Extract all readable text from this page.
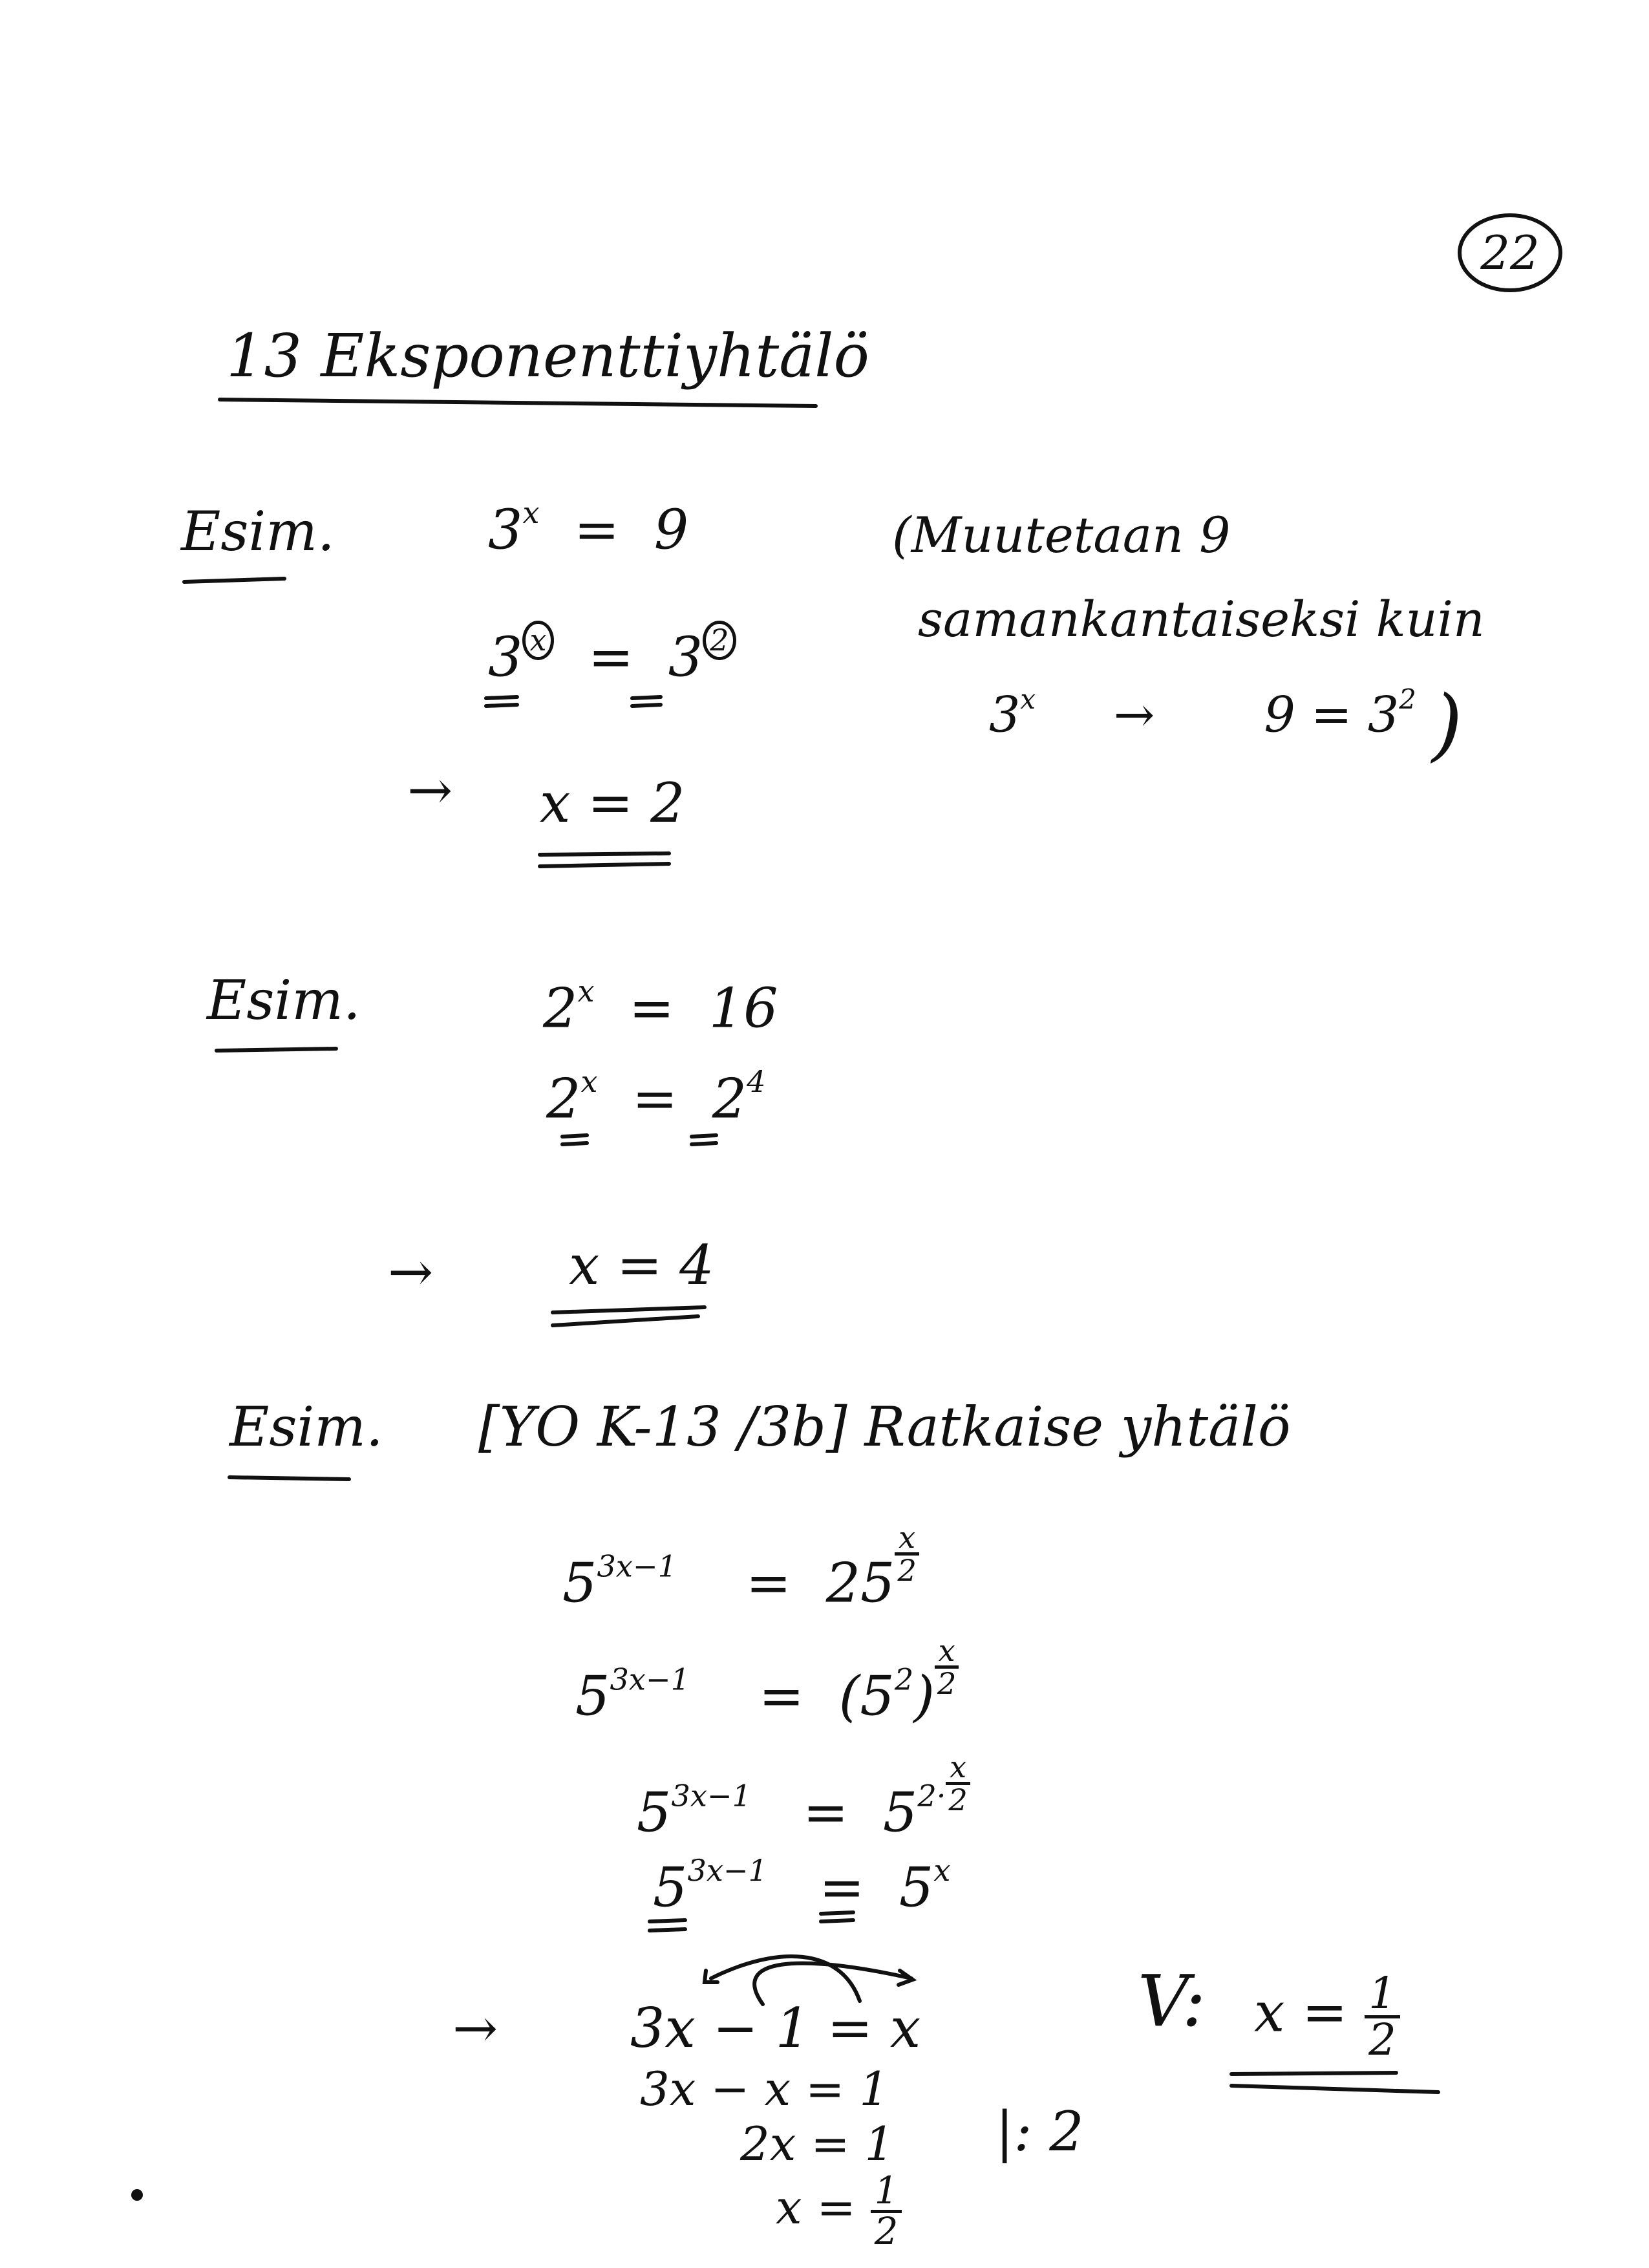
22
13 Eksponenttiyhtälö
Esim.	3$^x$  =  9
3 $^x$  =  3 $^2$
→ x = 2
(Muutetaan 9
samankantaiseksi kuin
$3^x \to 9 = 3^2$ )
Esim.	2$^x$  =  16
$2^x = 2^4$
→ x = 4
Esim. [YO K-13 /3b] Ratkaise yhtälö
$5^{3x-1} = 25 \frac{x}{2}$
$5^{3x-1} = (5^2) \frac{x}{2}$
$5^{3x-1} = 5^{2\cdot} \frac{x}{2}$
$5^{3x-1} = 5^x$
→ 3x − 1 = x
3x − x = 1
2x = 1
$x = \frac{1}{2}$
|: 2
V: $x = \frac{1}{2}$
